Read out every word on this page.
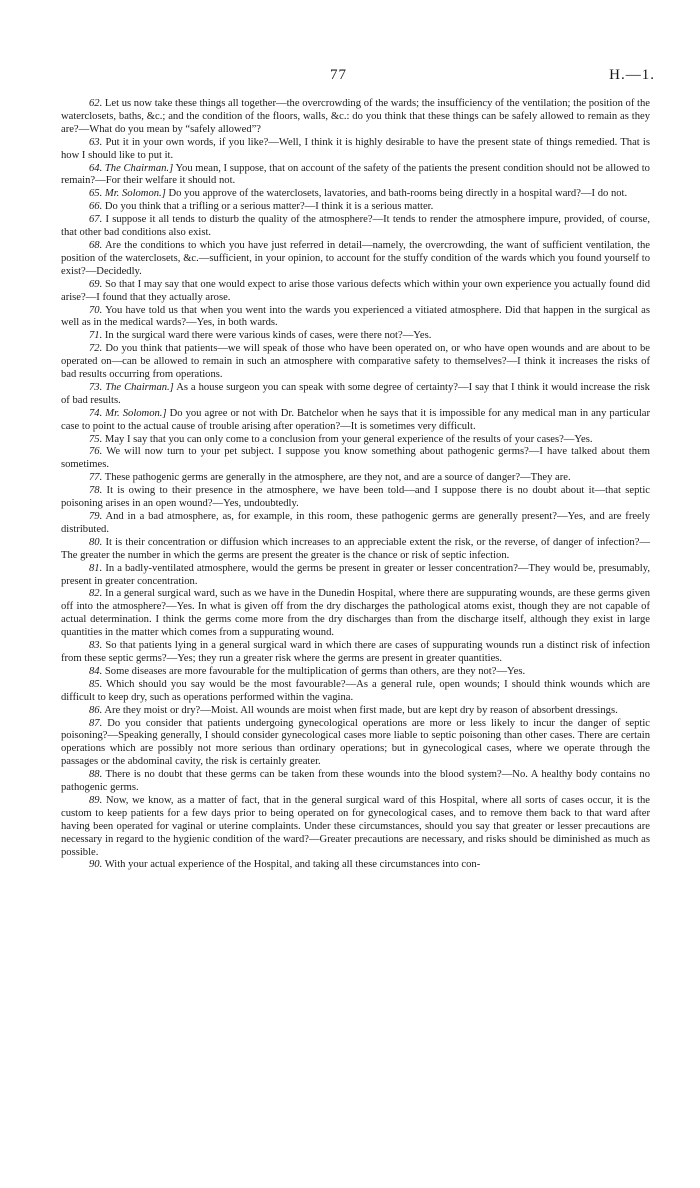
77	H.—1.

62. Let us now take these things all together—the overcrowding of the wards; the insufficiency of the ventilation; the position of the waterclosets, baths, &c.; and the condition of the floors, walls, &c.: do you think that these things can be safely allowed to remain as they are?—What do you mean by “safely allowed”?

63. Put it in your own words, if you like?—Well, I think it is highly desirable to have the present state of things remedied. That is how I should like to put it.

64. The Chairman.] You mean, I suppose, that on account of the safety of the patients the present condition should not be allowed to remain?—For their welfare it should not.

65. Mr. Solomon.] Do you approve of the waterclosets, lavatories, and bath-rooms being directly in a hospital ward?—I do not.

66. Do you think that a trifling or a serious matter?—I think it is a serious matter.

67. I suppose it all tends to disturb the quality of the atmosphere?—It tends to render the atmosphere impure, provided, of course, that other bad conditions also exist.

68. Are the conditions to which you have just referred in detail—namely, the overcrowding, the want of sufficient ventilation, the position of the waterclosets, &c.—sufficient, in your opinion, to account for the stuffy condition of the wards which you found yourself to exist?—Decidedly.

69. So that I may say that one would expect to arise those various defects which within your own experience you actually found did arise?—I found that they actually arose.

70. You have told us that when you went into the wards you experienced a vitiated atmosphere. Did that happen in the surgical as well as in the medical wards?—Yes, in both wards.

71. In the surgical ward there were various kinds of cases, were there not?—Yes.

72. Do you think that patients—we will speak of those who have been operated on, or who have open wounds and are about to be operated on—can be allowed to remain in such an atmosphere with comparative safety to themselves?—I think it increases the risks of bad results occurring from operations.

73. The Chairman.] As a house surgeon you can speak with some degree of certainty?—I say that I think it would increase the risk of bad results.

74. Mr. Solomon.] Do you agree or not with Dr. Batchelor when he says that it is impossible for any medical man in any particular case to point to the actual cause of trouble arising after operation?—It is sometimes very difficult.

75. May I say that you can only come to a conclusion from your general experience of the results of your cases?—Yes.

76. We will now turn to your pet subject. I suppose you know something about pathogenic germs?—I have talked about them sometimes.

77. These pathogenic germs are generally in the atmosphere, are they not, and are a source of danger?—They are.

78. It is owing to their presence in the atmosphere, we have been told—and I suppose there is no doubt about it—that septic poisoning arises in an open wound?—Yes, undoubtedly.

79. And in a bad atmosphere, as, for example, in this room, these pathogenic germs are generally present?—Yes, and are freely distributed.

80. It is their concentration or diffusion which increases to an appreciable extent the risk, or the reverse, of danger of infection?—The greater the number in which the germs are present the greater is the chance or risk of septic infection.

81. In a badly-ventilated atmosphere, would the germs be present in greater or lesser concentration?—They would be, presumably, present in greater concentration.

82. In a general surgical ward, such as we have in the Dunedin Hospital, where there are suppurating wounds, are these germs given off into the atmosphere?—Yes. In what is given off from the dry discharges the pathological atoms exist, though they are not capable of actual determination. I think the germs come more from the dry discharges than from the discharge itself, although they exist in large quantities in the matter which comes from a suppurating wound.

83. So that patients lying in a general surgical ward in which there are cases of suppurating wounds run a distinct risk of infection from these septic germs?—Yes; they run a greater risk where the germs are present in greater quantities.

84. Some diseases are more favourable for the multiplication of germs than others, are they not?—Yes.

85. Which should you say would be the most favourable?—As a general rule, open wounds; I should think wounds which are difficult to keep dry, such as operations performed within the vagina.

86. Are they moist or dry?—Moist. All wounds are moist when first made, but are kept dry by reason of absorbent dressings.

87. Do you consider that patients undergoing gynecological operations are more or less likely to incur the danger of septic poisoning?—Speaking generally, I should consider gynecological cases more liable to septic poisoning than other cases. There are certain operations which are possibly not more serious than ordinary operations; but in gynecological cases, where we operate through the passages or the abdominal cavity, the risk is certainly greater.

88. There is no doubt that these germs can be taken from these wounds into the blood system?—No. A healthy body contains no pathogenic germs.

89. Now, we know, as a matter of fact, that in the general surgical ward of this Hospital, where all sorts of cases occur, it is the custom to keep patients for a few days prior to being operated on for gynecological cases, and to remove them back to that ward after having been operated for vaginal or uterine complaints. Under these circumstances, should you say that greater or lesser precautions are necessary in regard to the hygienic condition of the ward?—Greater precautions are necessary, and risks should be diminished as much as possible.

90. With your actual experience of the Hospital, and taking all these circumstances into con-
